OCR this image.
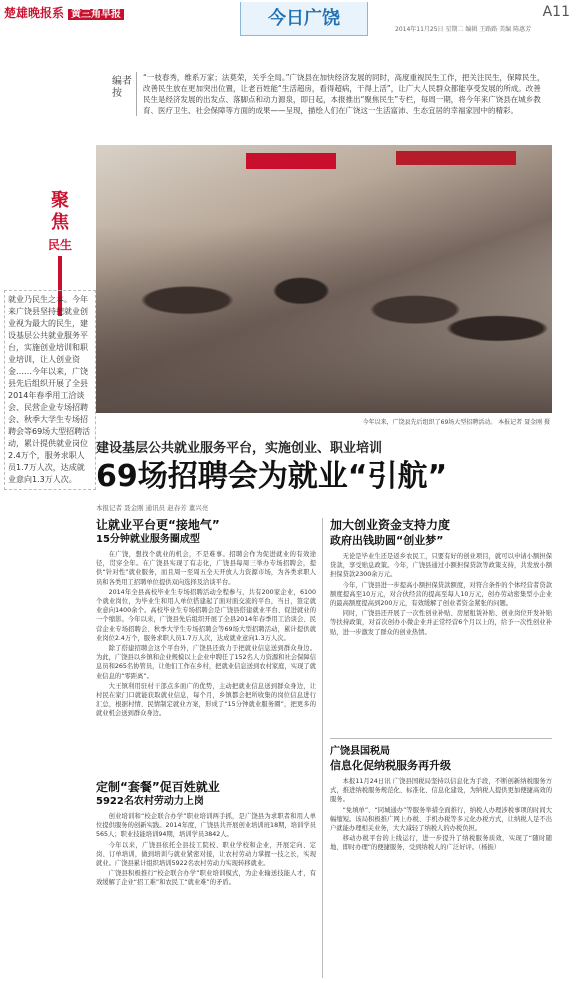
楚雄晚报系 黄三角早报	今日广饶	A11
2014年11月25日 星期二 编辑 王路路 美编 陈惠芳
编者按
“一枝春秀，维系万家；法莫荣，关乎全局。”广饶县在加快经济发展的同时，高度重视民生工作，把关注民生，保障民生，改善民生放在更加突出位置，让老百姓能“生活超房，看得超病，干得上活”，让广大人民群众都能享受发展的所成。改善民生是经济发展的出发点、落脚点和动力源泉，即日起，本报推出“聚焦民生”专栏，每周一期，将今年来广饶县在城乡教育、医疗卫生、社会保障等方面的成果——呈现，描绘人们在广饶这一生活富沛、生态宜居的幸福家园中的精彩。
今年以来，广饶县先后组织了69场大型招聘活动。 本报记者 聂金刚 摄
聚
焦
民生
就业乃民生之本。今年来广饶县坚持把就业创业视为最大的民生，建设基层公共就业服务平台，实施创业培训和职业培训，让人创业资金……今年以来，广饶县先后组织开展了全县2014年春季用工洽谈会、民营企业专场招聘会、秋季大学生专场招聘会等69场大型招聘活动，累计提供就业岗位2.4万个，服务求职人员1.7万人次，达成就业意向1.3万人次。
建设基层公共就业服务平台，实施创业、职业培训
69场招聘会为就业“引航”
本报记者 聂金刚 通讯员 赵春芳 董兴亮
让就业平台更“接地气”
15分钟就业服务圈成型

在广饶，想找个就业的机会，不是难事。招聘会作为促进就业的有效途径，贯穿全年。在广饶县实现了有志化，广饶县每周三举办专场招聘会，提供“针对性”就业服务，而且周一至周五全天开放人力资源市场，为各类求职人员和各类用工招聘单位提供双向选择及洽谈平台。

2014年全县高校毕业生专场招聘活动全程参与，共有200家企业，6100个就业岗位，为毕业生和用人单位搭建起了面对面交流的平台，当日，签定就业意向1400余个。高校毕业生专场招聘会是广饶县搭建就业平台、促进就业的一个缩影。今年以来，广饶县先后组织开展了全县2014年春季用工洽谈会、民营企业专场招聘会、秋季大学生专场招聘会等69场大型招聘活动，累计提供就业岗位2.4万个，服务求职人员1.7万人次，达成就业意向1.3万人次。

除了搭建招聘会这个平台外，广饶县还致力于把就业信息送到群众身边。为此，广饶县以乡镇和企业规模以上企业中聘任了152名人力资源和社会保障信息员和265名协管员，让他们工作在乡村，把就业信息送到农村家庭，实现了就业信息的“零距离”。

大王镇利用驻村干部点多面广的优势，主动把就业信息送到群众身边，让村民在家门口就能获取就业信息，每个月，乡镇都会把所收集的岗位信息进行汇总，根据村情、民情制定就业方案，形成了“15分钟就业服务圈”，把更多的就业机会送到群众身边。

定制“套餐”促百姓就业
5922名农村劳动力上岗

创业培训和“校企联合办学”职业培训两手抓，是广饶县为求职者和用人单位提供服务的创新实践。2014年度，广饶县共开展创业培训班18期，培训学员565人；职业技能培训94期，培训学员3842人。

今年以来，广饶县依托全县技工院校、职业学校和企业，开展定向、定岗、订单培训，做到培训与就业紧密对接，让农村劳动力掌握一技之长，实现就业。广饶县累计组织培训5922名农村劳动力实现转移就业。

广饶县积极推行“校企联合办学”职业培训模式，为企业输送技能人才，有效缓解了企业“招工难”和农民工“就业难”的矛盾。

加大创业资金支持力度
政府出钱助圆“创业梦”

无论是毕业生还是返乡农民工，只要有好的创业项目，就可以申请小额担保贷款，享受贴息政策。今年，广饶县通过小额担保贷款等政策支持，共发放小额担保贷款2300余万元。

今年，广饶县进一步提高小额担保贷款额度，对符合条件的个体经营者贷款额度提高至10万元，对合伙经营的提高至每人10万元，创办劳动密集型小企业的最高额度提高到200万元，有效缓解了创业者资金紧张的问题。

同时，广饶县还开展了一次性创业补贴、房屋租赁补贴、创业岗位开发补贴等扶持政策，对首次创办小微企业并正常经营6个月以上的，给予一次性创业补贴，进一步激发了群众的创业热情。

广饶县国税局
信息化促纳税服务再升级

本报11月24日讯 广饶县国税局坚持以信息化为手段，不断创新纳税服务方式，推进纳税服务规范化、标准化、信息化建设，为纳税人提供更加便捷高效的服务。

“免填单”、“同城通办”等服务举措全面推行，纳税人办理涉税事项的时间大幅缩短。该局积极推广网上办税、手机办税等多元化办税方式，让纳税人足不出户就能办理相关业务，大大减轻了纳税人的办税负担。

移动办税平台的上线运行，进一步提升了纳税服务质效，实现了“随时随地、即时办理”的便捷服务，受到纳税人的广泛好评。（杨振）
